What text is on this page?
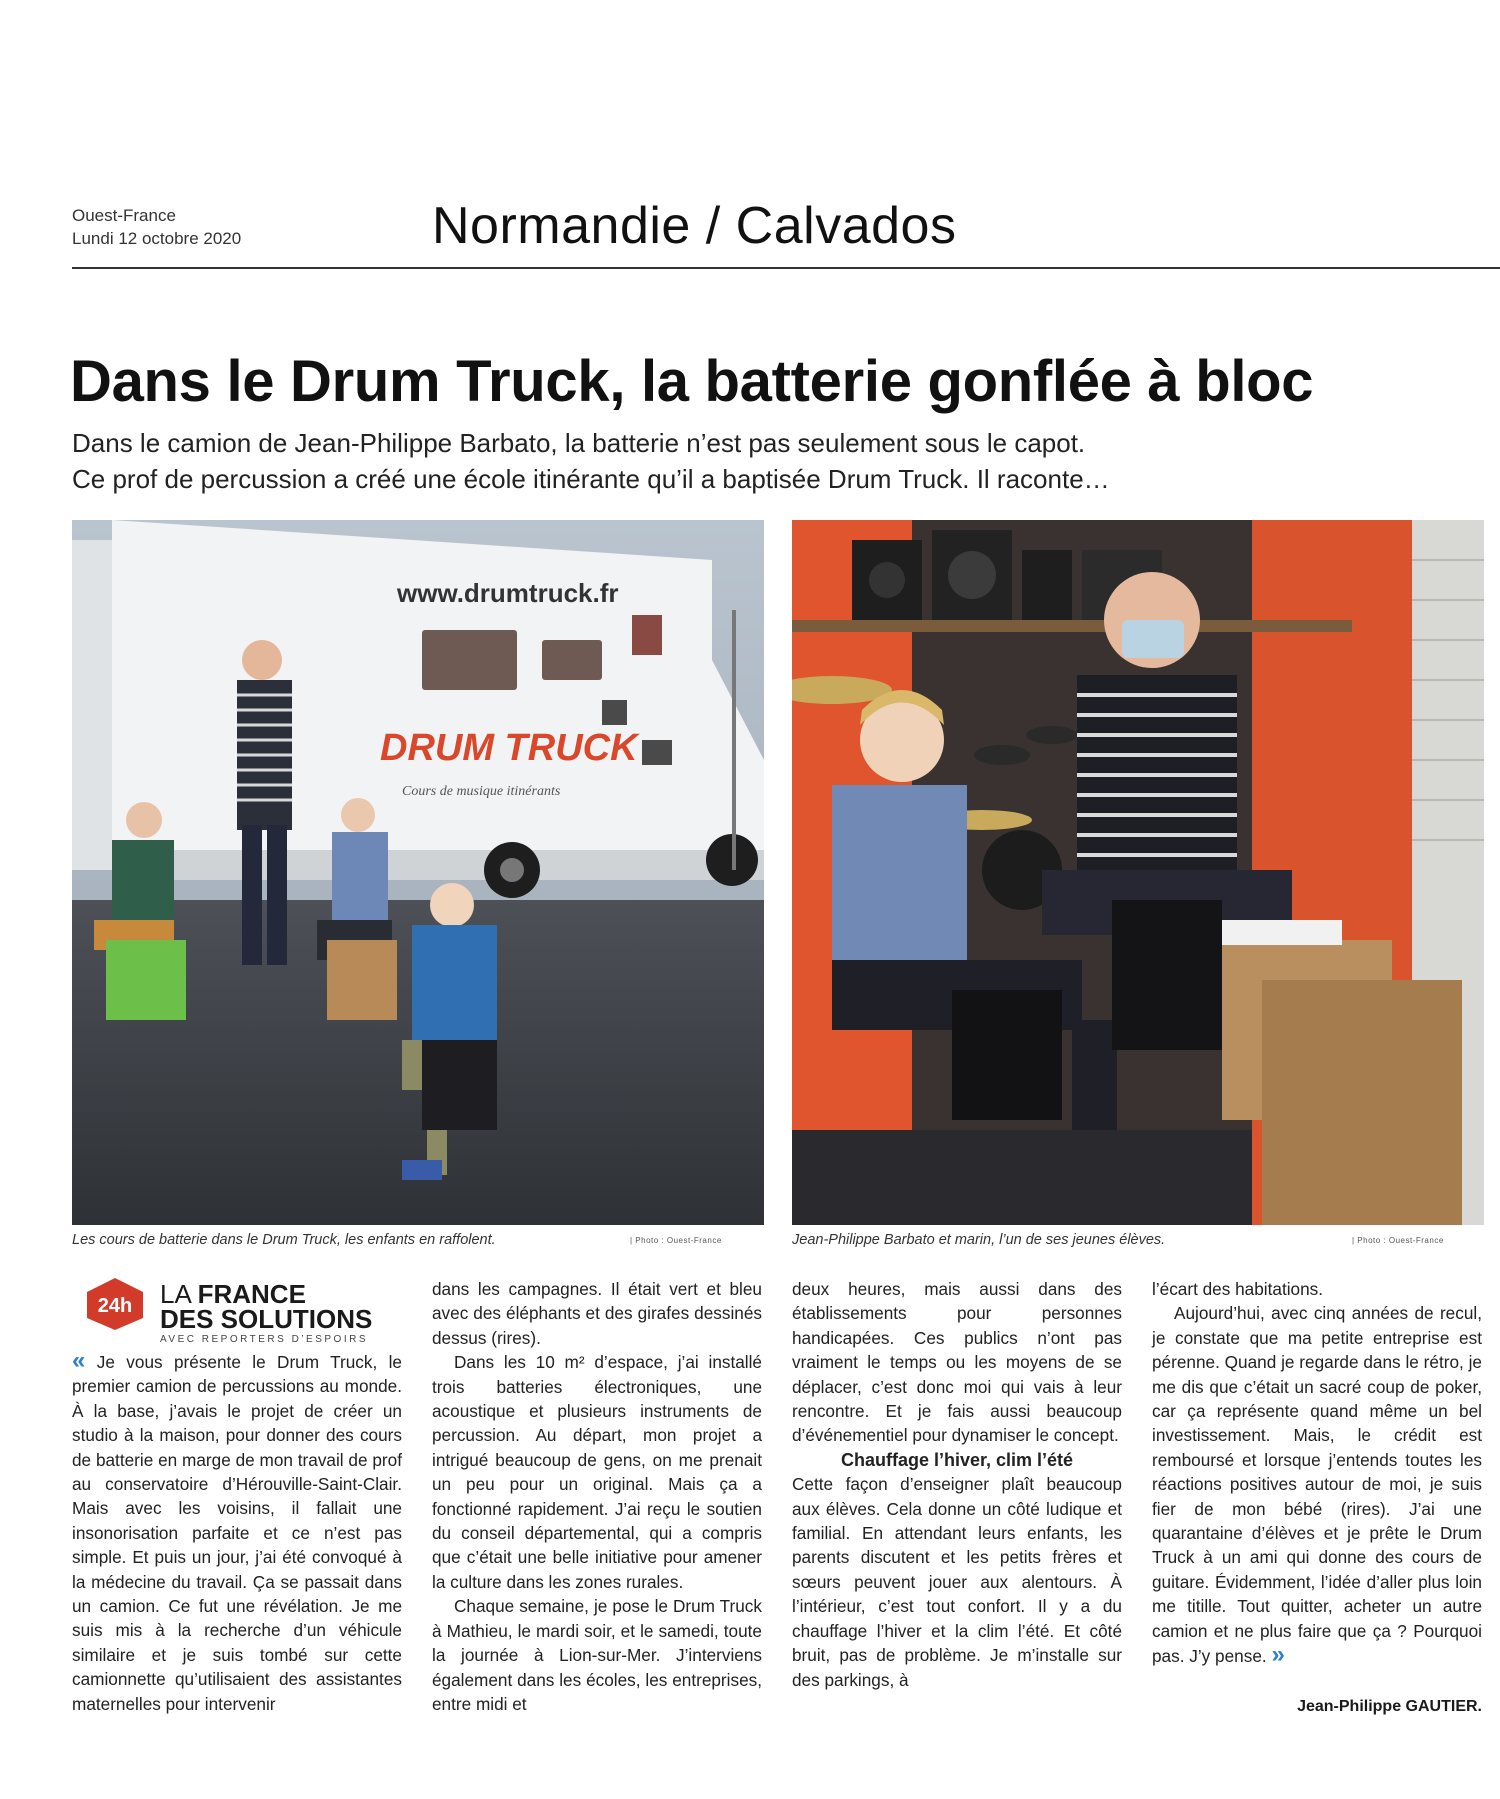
Ouest-France
Lundi 12 octobre 2020	Normandie / Calvados
Dans le Drum Truck, la batterie gonflée à bloc
Dans le camion de Jean-Philippe Barbato, la batterie n’est pas seulement sous le capot.
Ce prof de percussion a créé une école itinérante qu’il a baptisée Drum Truck. Il raconte…
www.drumtruck.fr
DRUM TRUCK
Cours de musique itinérants
Les cours de batterie dans le Drum Truck, les enfants en raffolent.	| Photo : Ouest-France	Jean-Philippe Barbato et marin, l’un de ses jeunes élèves.	| Photo : Ouest-France
24h LA FRANCE
DES SOLUTIONS
AVEC REPORTERS D’ESPOIRS

« Je vous présente le Drum Truck, le premier camion de percussions au monde. À la base, j’avais le projet de créer un studio à la maison, pour donner des cours de batterie en marge de mon travail de prof au conservatoire d’Hérouville-Saint-Clair. Mais avec les voisins, il fallait une insonorisation parfaite et ce n’est pas simple. Et puis un jour, j’ai été convoqué à la médecine du travail. Ça se passait dans un camion. Ce fut une révélation. Je me suis mis à la recherche d’un véhicule similaire et je suis tombé sur cette camionnette qu’utilisaient des assistantes maternelles pour intervenir

dans les campagnes. Il était vert et bleu avec des éléphants et des girafes dessinés dessus (rires).

Dans les 10 m² d’espace, j’ai installé trois batteries électroniques, une acoustique et plusieurs instruments de percussion. Au départ, mon projet a intrigué beaucoup de gens, on me prenait un peu pour un original. Mais ça a fonctionné rapidement. J’ai reçu le soutien du conseil départemental, qui a compris que c’était une belle initiative pour amener la culture dans les zones rurales.

Chaque semaine, je pose le Drum Truck à Mathieu, le mardi soir, et le samedi, toute la journée à Lion-sur-Mer. J’interviens également dans les écoles, les entreprises, entre midi et

deux heures, mais aussi dans des établissements pour personnes handicapées. Ces publics n’ont pas vraiment le temps ou les moyens de se déplacer, c’est donc moi qui vais à leur rencontre. Et je fais aussi beaucoup d’événementiel pour dynamiser le concept.

Chauffage l’hiver, clim l’été

Cette façon d’enseigner plaît beaucoup aux élèves. Cela donne un côté ludique et familial. En attendant leurs enfants, les parents discutent et les petits frères et sœurs peuvent jouer aux alentours. À l’intérieur, c’est tout confort. Il y a du chauffage l’hiver et la clim l’été. Et côté bruit, pas de problème. Je m’installe sur des parkings, à

l’écart des habitations.

Aujourd’hui, avec cinq années de recul, je constate que ma petite entreprise est pérenne. Quand je regarde dans le rétro, je me dis que c’était un sacré coup de poker, car ça représente quand même un bel investissement. Mais, le crédit est remboursé et lorsque j’entends toutes les réactions positives autour de moi, je suis fier de mon bébé (rires). J’ai une quarantaine d’élèves et je prête le Drum Truck à un ami qui donne des cours de guitare. Évidemment, l’idée d’aller plus loin me titille. Tout quitter, acheter un autre camion et ne plus faire que ça ? Pourquoi pas. J’y pense. »

Jean-Philippe GAUTIER.
